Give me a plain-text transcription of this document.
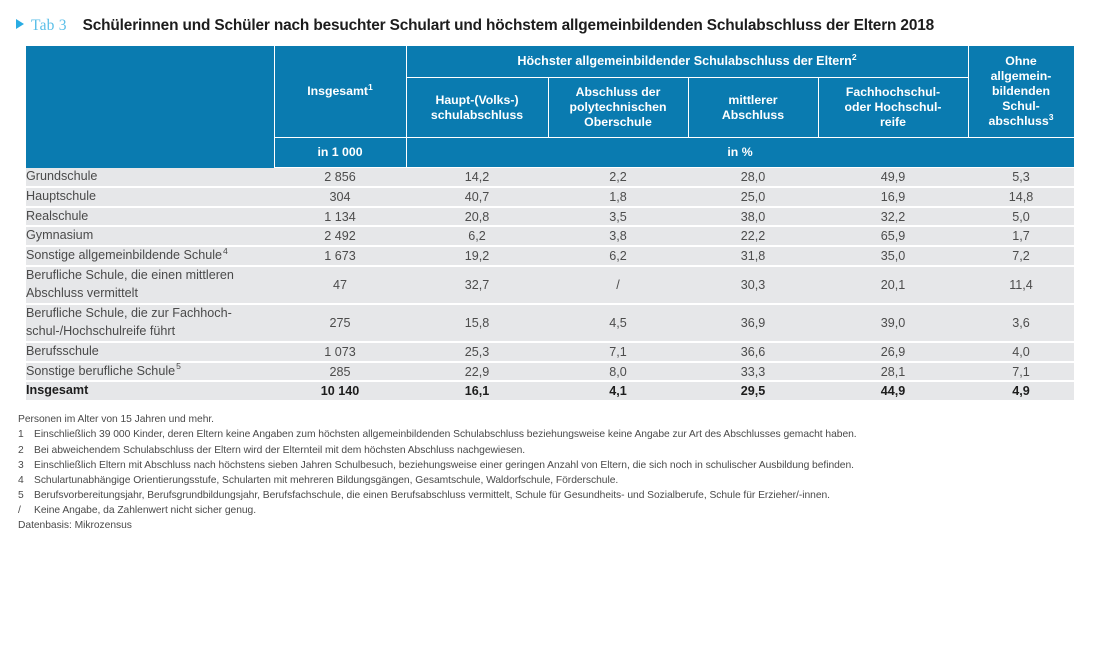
Tab 3 Schülerinnen und Schüler nach besuchter Schulart und höchstem allgemeinbildenden Schulabschluss der Eltern 2018
	Insgesamt$^1$	Höchster allgemeinbildender Schulabschluss der Eltern$^2$				Ohne
allgemein-
bildenden
Schul-
abschluss$^3$
		Haupt-(Volks-)
schulabschluss	Abschluss der
polytechnischen
Oberschule	mittlerer
Abschluss	Fachhochschul-
oder Hochschul-
reife	
	in 1 000	in %				
Grundschule	2 856	14,2	2,2	28,0	49,9	5,3
Hauptschule	304	40,7	1,8	25,0	16,9	14,8
Realschule	1 134	20,8	3,5	38,0	32,2	5,0
Gymnasium	2 492	6,2	3,8	22,2	65,9	1,7
Sonstige allgemeinbildende Schule$^4$	1 673	19,2	6,2	31,8	35,0	7,2
Berufliche Schule, die einen mittleren
Abschluss vermittelt	47	32,7	/	30,3	20,1	11,4
Berufliche Schule, die zur Fachhoch-
schul-/Hochschulreife führt	275	15,8	4,5	36,9	39,0	3,6
Berufsschule	1 073	25,3	7,1	36,6	26,9	4,0
Sonstige berufliche Schule$^5$	285	22,9	8,0	33,3	28,1	7,1
Insgesamt	10 140	16,1	4,1	29,5	44,9	4,9
Personen im Alter von 15 Jahren und mehr.
1	Einschließlich 39 000 Kinder, deren Eltern keine Angaben zum höchsten allgemeinbildenden Schulabschluss beziehungsweise keine Angabe zur Art des Abschlusses gemacht haben.
2	Bei abweichendem Schulabschluss der Eltern wird der Elternteil mit dem höchsten Abschluss nachgewiesen.
3	Einschließlich Eltern mit Abschluss nach höchstens sieben Jahren Schulbesuch, beziehungsweise einer geringen Anzahl von Eltern, die sich noch in schulischer Ausbildung befinden.
4	Schulartunabhängige Orientierungsstufe, Schularten mit mehreren Bildungsgängen, Gesamtschule, Waldorfschule, Förderschule.
5	Berufsvorbereitungsjahr, Berufsgrundbildungsjahr, Berufsfachschule, die einen Berufsabschluss vermittelt, Schule für Gesundheits- und Sozialberufe, Schule für Erzieher/-innen.
/	Keine Angabe, da Zahlenwert nicht sicher genug.
Datenbasis: Mikrozensus
